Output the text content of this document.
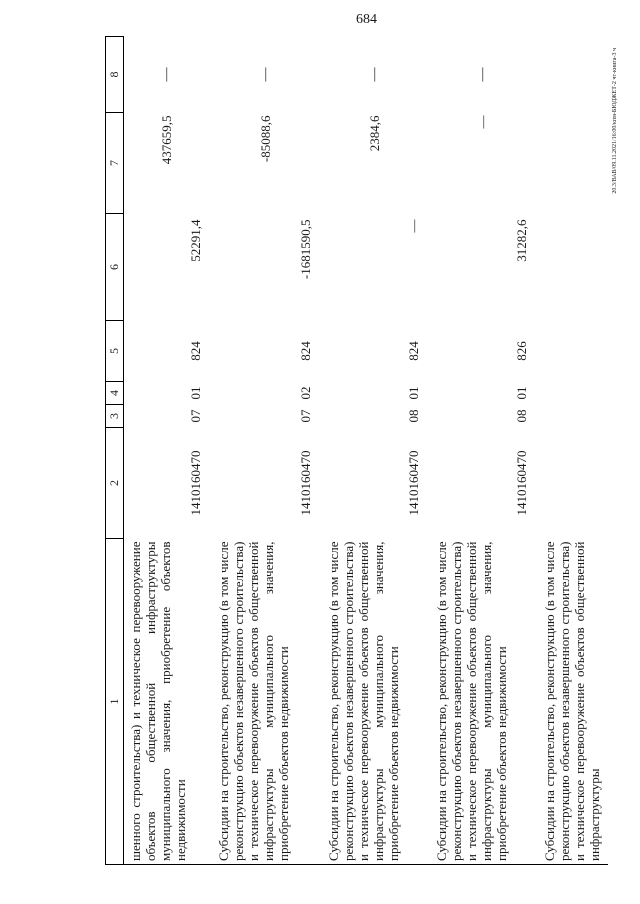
684
20.3/ВАВ/09.11.2021/16:00/кпм-БЮДЖЕТ-2 чт-книга-3 ч
1	2	3	4	5	6	7	8
шенного строительства) и техническое перевооружение объектов общественной инфраструктуры муниципального значения, приобретение объектов недвижимости	1410160470	07	01	824	52291,4	437659,5	—
Субсидии на строительство, реконструкцию (в том числе реконструкцию объектов незавершенного строительства) и техническое перевооружение объектов общественной инфраструктуры муниципального значения, приобретение объектов недвижимости	1410160470	07	02	824	-1681590,5	-85088,6	—
Субсидии на строительство, реконструкцию (в том числе реконструкцию объектов незавершенного строительства) и техническое перевооружение объектов общественной инфраструктуры муниципального значения, приобретение объектов недвижимости	1410160470	08	01	824	—	2384,6	—
Субсидии на строительство, реконструкцию (в том числе реконструкцию объектов незавершенного строительства) и техническое перевооружение объектов общественной инфраструктуры муниципального значения, приобретение объектов недвижимости	1410160470	08	01	826	31282,6	—	—
Субсидии на строительство, реконструкцию (в том числе реконструкцию объектов незавершенного строительства) и техническое перевооружение объектов общественной инфраструктуры							
